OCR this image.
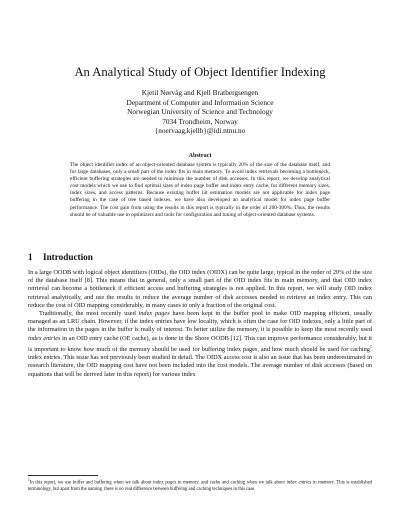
An Analytical Study of Object Identifier Indexing
Kjetil Nørvåg and Kjell Bratbergsengen
Department of Computer and Information Science
Norwegian University of Science and Technology
7034 Trondheim, Norway
{noervaag,kjellb}@idi.ntnu.no
Abstract
The object identifier index of an object-oriented database system is typically 20% of the size of the database itself, and for large databases, only a small part of the index fits in main memory. To avoid index retrievals becoming a bottleneck, efficient buffering strategies are needed to minimize the number of disk accesses. In this report, we develop analytical cost models which we use to find optimal sizes of index page buffer and index entry cache, for different memory sizes, index sizes, and access patterns. Because existing buffer hit estimation models are not applicable for index page buffering in the case of tree based indexes, we have also developed an analytical model for index page buffer performance. The cost gain from using the results in this report is typically in the order of 200-300%. Thus, the results should be of valuable use in optimizers and tools for configuration and tuning of object-oriented database systems.
1 Introduction

In a large OODB with logical object identifiers (OIDs), the OID index (OIDX) can be quite large, typical in the order of 20% of the size of the database itself [8]. This means that in general, only a small part of the OID index fits in main memory, and that OID index retrieval can become a bottleneck if efficient access and buffering strategies is not applied. In this report, we will study OID index retrieval analytically, and use the results to reduce the average number of disk accesses needed to retrieve an index entry. This can reduce the cost of OID mapping considerably, in many cases to only a fraction of the original cost.

Traditionally, the most recently used index pages have been kept in the buffer pool to make OID mapping efficient, usually managed as an LRU chain. However, if the index entries have low locality, which is often the case for OID indexes, only a little part of the information in the pages in the buffer is really of interest. To better utilize the memory, it is possible to keep the most recently used index entries in an OID entry cache (OE cache), as is done in the Shore OODB [12]. This can improve performance considerably, but it is important to know how much of the memory should be used for buffering index pages, and how much should be used for caching$^1$ index entries. This issue has not previously been studied in detail. The OIDX access cost is also an issue that has been underestimated in research literature, the OID mapping cost have not been included into the cost models. The average number of disk accesses (based on equations that will be derived later in this report) for various index

$^1$In this report, we use buffer and buffering when we talk about index pages in memory, and cache and caching when we talk about index entries in memory. This is established terminology, but apart from the naming, there is no real difference between buffering and caching techniques in this case.
